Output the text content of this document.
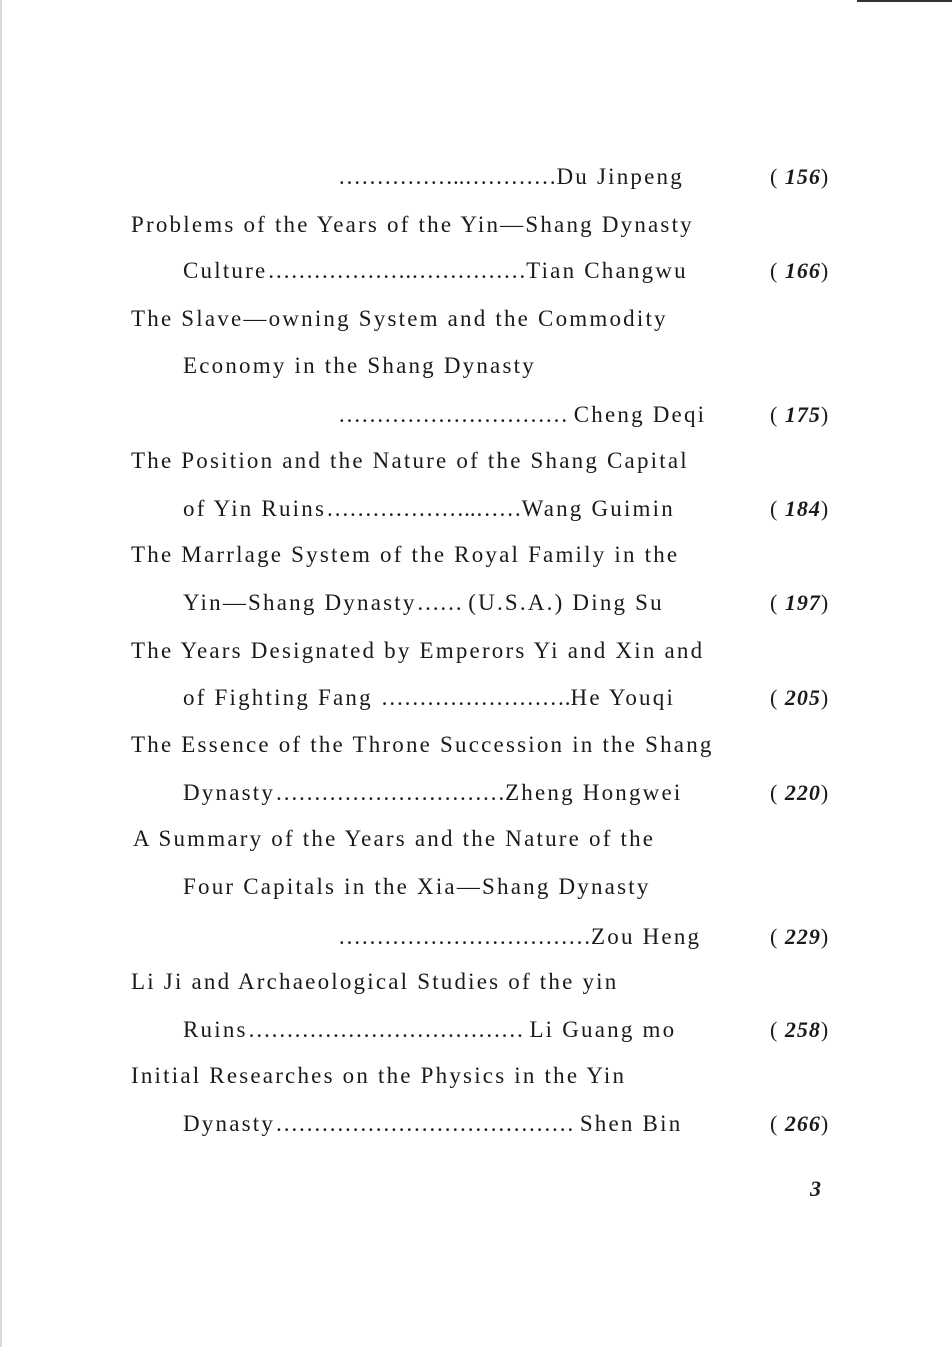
……………..…………Du Jinpeng	( 156)
Problems of the Years of the Yin—Shang Dynasty
Culture……………….……………Tian Changwu	( 166)
The Slave—owning System and the Commodity
Economy in the Shang Dynasty
………………………… Cheng Deqi	( 175)
The Position and the Nature of the Shang Capital
of Yin Ruins………………..……Wang Guimin	( 184)
The Marrlage System of the Royal Family in the
Yin—Shang Dynasty…… (U.S.A.) Ding Su	( 197)
The Years Designated by Emperors Yi and Xin and
of Fighting Fang …………………….He Youqi	( 205)
The Essence of the Throne Succession in the Shang
Dynasty…………………………Zheng Hongwei	( 220)
A Summary of the Years and the Nature of the
Four Capitals in the Xia—Shang Dynasty
……………………………Zou Heng	( 229)
Li Ji and Archaeological Studies of the yin
Ruins……………………………… Li Guang mo	( 258)
Initial Researches on the Physics in the Yin
Dynasty………………………………… Shen Bin	( 266)
3
